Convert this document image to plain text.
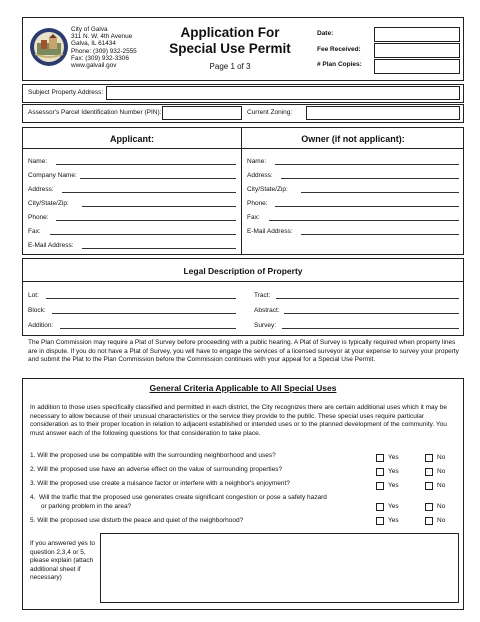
City of Galva
311 N. W. 4th Avenue
Galva, IL 61434
Phone: (309) 932-2555
Fax: (309) 932-3306
www.galvail.gov
Application For
Special Use Permit
Page 1 of 3
Date:
Fee Received:
# Plan Copies:
Subject Property Address:
Assessor's Parcel Identification Number (PIN):	Current Zoning:
Applicant:	Owner (if not applicant):
Name:
Company Name:
Address:
City/State/Zip:
Phone:
Fax:
E-Mail Address:
Name:
Address:
City/State/Zip:
Phone:
Fax:
E-Mail Address:
Legal Description of Property
Lot:
Block:
Addition:
Tract:
Abstract:
Survey:
The Plan Commission may require a Plat of Survey before proceeding with a public hearing. A Plat of Survey is typically required when property lines are in dispute. If you do not have a Plat of Survey, you will have to engage the services of a licensed surveyor at your expense to survey your property and submit the Plat to the Plan Commission before the Commission continues with your appeal for a Special Use Permit.
General Criteria Applicable to All Special Uses
In addition to those uses specifically classified and permitted in each district, the City recognizes there are certain additional uses which it may be necessary to allow because of their unusual characteristics or the service they provide to the public. These special uses require particular consideration as to their proper location in relation to adjacent established or intended uses or to the planned development of the community. You must answer each of the following questions for that consideration to take place.
1. Will the proposed use be compatible with the surrounding neighborhood and uses?	Yes	No
2. Will the proposed use have an adverse effect on the value of surrounding properties?	Yes	No
3. Will the proposed use create a nuisance factor or interfere with a neighbor's enjoyment?	Yes	No
4.  Will the traffic that the proposed use generates create significant congestion or pose a safety hazard
or parking problem in the area?	Yes	No
5. Will the proposed use disturb the peace and quiet of the neighborhood?	Yes	No
If you answered yes to question 2,3,4 or 5, please explain (attach additional sheet if necessary)
